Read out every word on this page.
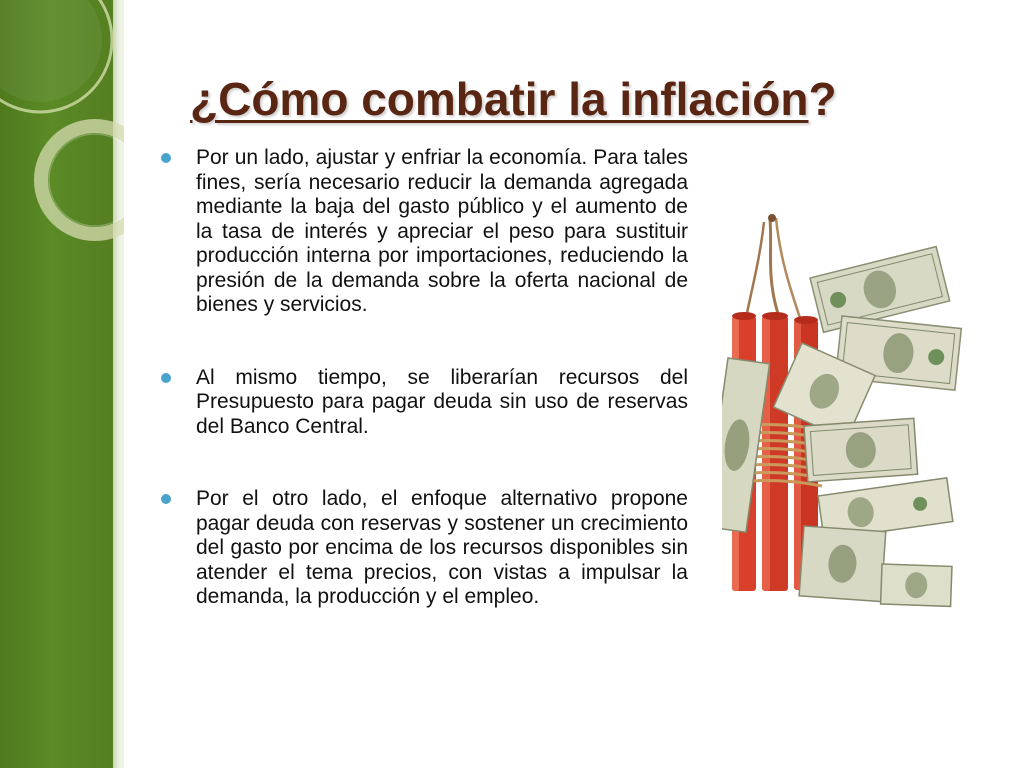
¿Cómo combatir la inflación?
Por un lado, ajustar y enfriar la economía. Para tales fines, sería necesario reducir la demanda agregada mediante la baja del gasto público y el aumento de la tasa de interés y apreciar el peso para sustituir producción interna por importaciones, reduciendo la presión de la demanda sobre la oferta nacional de bienes y servicios.
Al mismo tiempo, se liberarían recursos del Presupuesto para pagar deuda sin uso de reservas del Banco Central.
Por el otro lado, el enfoque alternativo propone pagar deuda con reservas y sostener un crecimiento del gasto por encima de los recursos disponibles sin atender el tema precios, con vistas a impulsar la demanda, la producción y el empleo.
